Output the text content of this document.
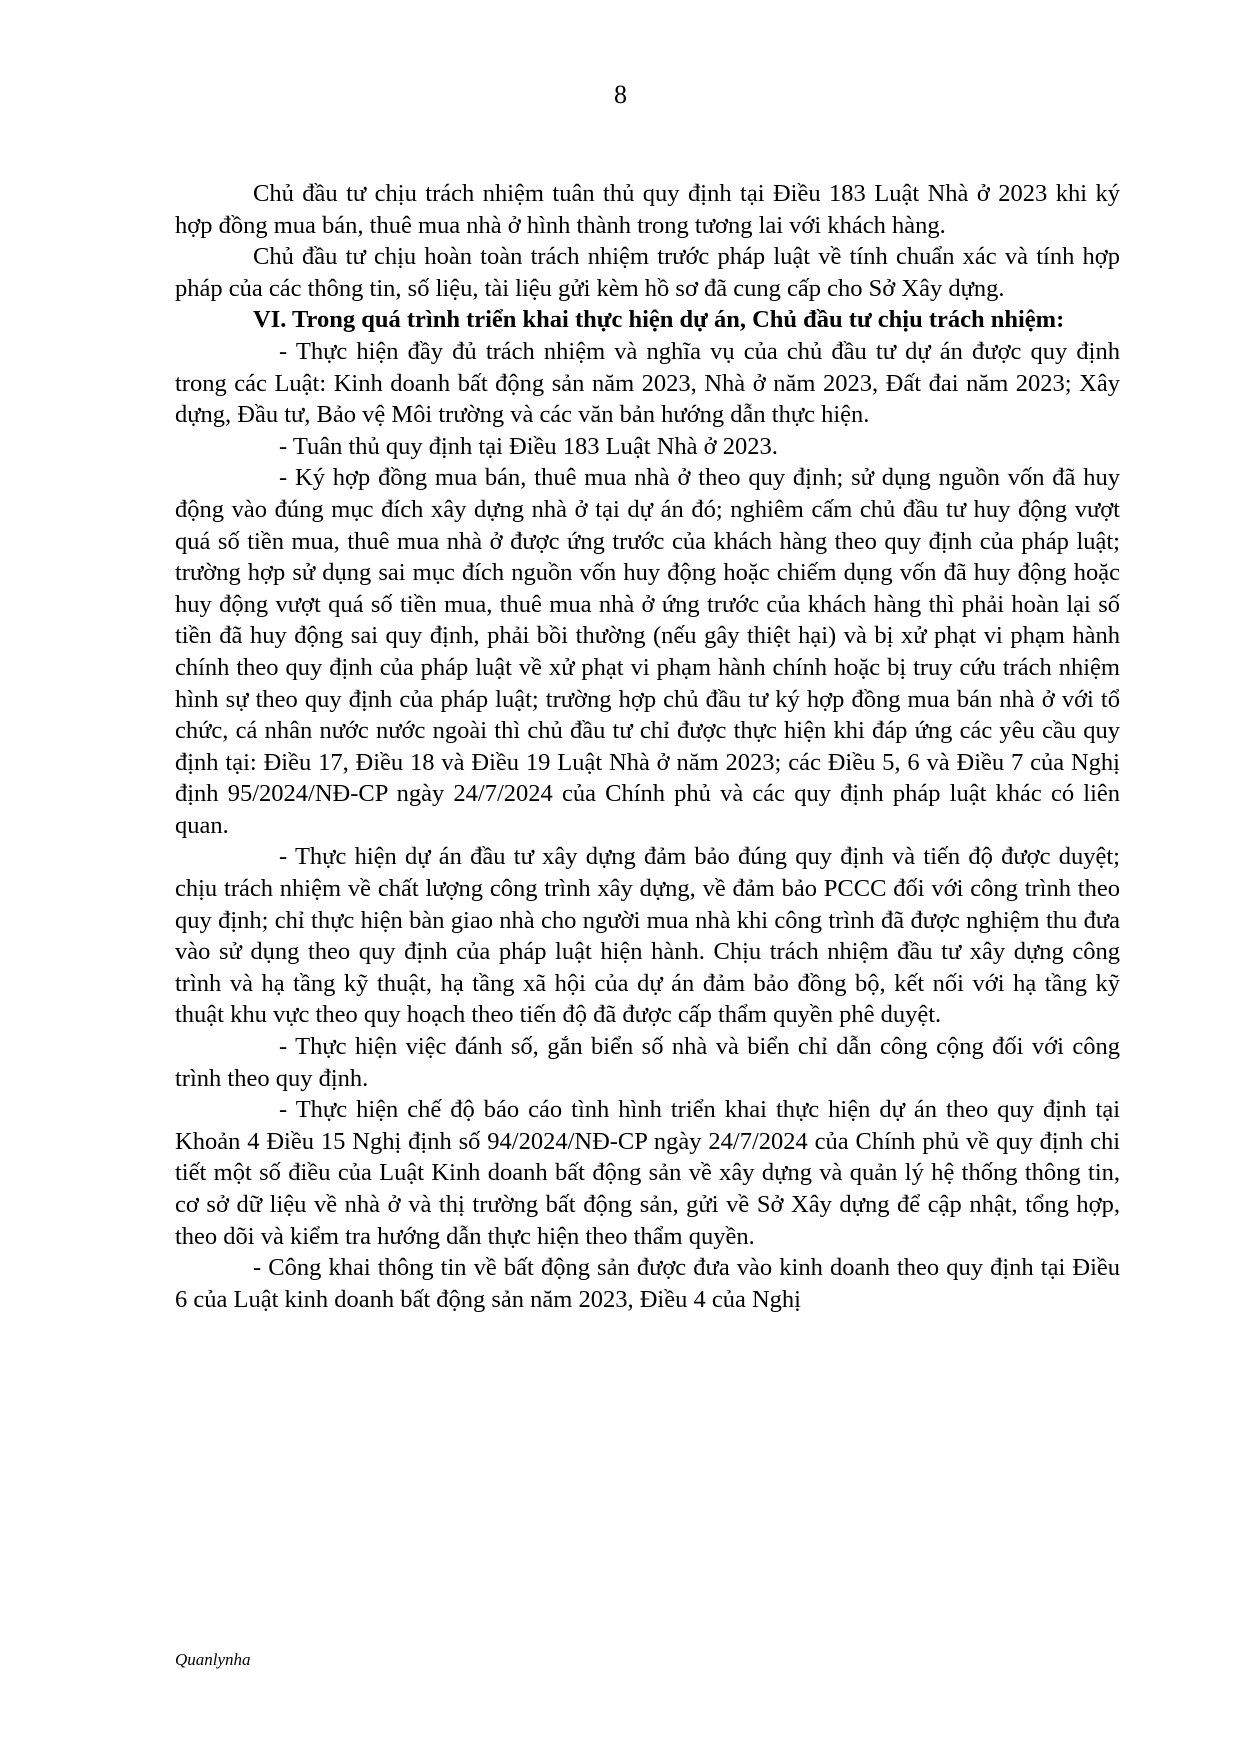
8

Chủ đầu tư chịu trách nhiệm tuân thủ quy định tại Điều 183 Luật Nhà ở 2023 khi ký hợp đồng mua bán, thuê mua nhà ở hình thành trong tương lai với khách hàng.

Chủ đầu tư chịu hoàn toàn trách nhiệm trước pháp luật về tính chuẩn xác và tính hợp pháp của các thông tin, số liệu, tài liệu gửi kèm hồ sơ đã cung cấp cho Sở Xây dựng.

VI. Trong quá trình triển khai thực hiện dự án, Chủ đầu tư chịu trách nhiệm:

- Thực hiện đầy đủ trách nhiệm và nghĩa vụ của chủ đầu tư dự án được quy định trong các Luật: Kinh doanh bất động sản năm 2023, Nhà ở năm 2023, Đất đai năm 2023; Xây dựng, Đầu tư, Bảo vệ Môi trường và các văn bản hướng dẫn thực hiện.

- Tuân thủ quy định tại Điều 183 Luật Nhà ở 2023.

- Ký hợp đồng mua bán, thuê mua nhà ở theo quy định; sử dụng nguồn vốn đã huy động vào đúng mục đích xây dựng nhà ở tại dự án đó; nghiêm cấm chủ đầu tư huy động vượt quá số tiền mua, thuê mua nhà ở được ứng trước của khách hàng theo quy định của pháp luật; trường hợp sử dụng sai mục đích nguồn vốn huy động hoặc chiếm dụng vốn đã huy động hoặc huy động vượt quá số tiền mua, thuê mua nhà ở ứng trước của khách hàng thì phải hoàn lại số tiền đã huy động sai quy định, phải bồi thường (nếu gây thiệt hại) và bị xử phạt vi phạm hành chính theo quy định của pháp luật về xử phạt vi phạm hành chính hoặc bị truy cứu trách nhiệm hình sự theo quy định của pháp luật; trường hợp chủ đầu tư ký hợp đồng mua bán nhà ở với tổ chức, cá nhân nước nước ngoài thì chủ đầu tư chỉ được thực hiện khi đáp ứng các yêu cầu quy định tại: Điều 17, Điều 18 và Điều 19 Luật Nhà ở năm 2023; các Điều 5, 6 và Điều 7 của Nghị định 95/2024/NĐ-CP ngày 24/7/2024 của Chính phủ và các quy định pháp luật khác có liên quan.

- Thực hiện dự án đầu tư xây dựng đảm bảo đúng quy định và tiến độ được duyệt; chịu trách nhiệm về chất lượng công trình xây dựng, về đảm bảo PCCC đối với công trình theo quy định; chỉ thực hiện bàn giao nhà cho người mua nhà khi công trình đã được nghiệm thu đưa vào sử dụng theo quy định của pháp luật hiện hành. Chịu trách nhiệm đầu tư xây dựng công trình và hạ tầng kỹ thuật, hạ tầng xã hội của dự án đảm bảo đồng bộ, kết nối với hạ tầng kỹ thuật khu vực theo quy hoạch theo tiến độ đã được cấp thẩm quyền phê duyệt.

- Thực hiện việc đánh số, gắn biển số nhà và biển chỉ dẫn công cộng đối với công trình theo quy định.

- Thực hiện chế độ báo cáo tình hình triển khai thực hiện dự án theo quy định tại Khoản 4 Điều 15 Nghị định số 94/2024/NĐ-CP ngày 24/7/2024 của Chính phủ về quy định chi tiết một số điều của Luật Kinh doanh bất động sản về xây dựng và quản lý hệ thống thông tin, cơ sở dữ liệu về nhà ở và thị trường bất động sản, gửi về Sở Xây dựng để cập nhật, tổng hợp, theo dõi và kiểm tra hướng dẫn thực hiện theo thẩm quyền.

- Công khai thông tin về bất động sản được đưa vào kinh doanh theo quy định tại Điều 6 của Luật kinh doanh bất động sản năm 2023, Điều 4 của Nghị

Quanlynha
